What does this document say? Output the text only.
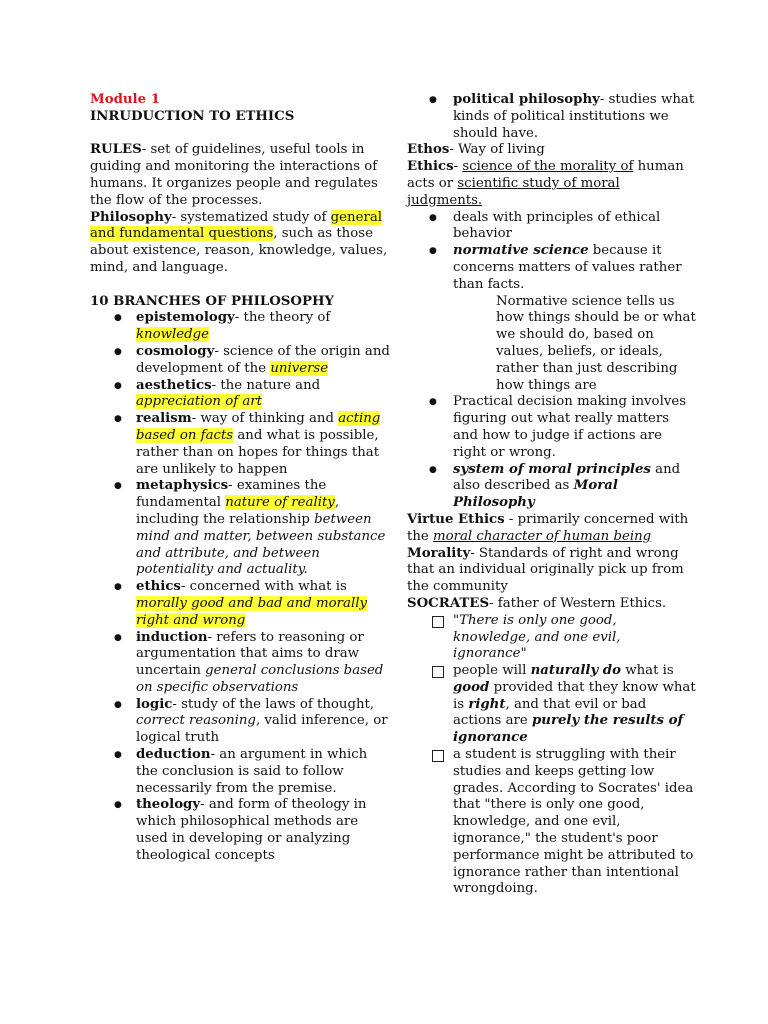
Module 1

INRUDUCTION TO ETHICS

RULES- set of guidelines, useful tools in guiding and monitoring the interactions of humans. It organizes people and regulates the flow of the processes.

Philosophy- systematized study of general and fundamental questions, such as those about existence, reason, knowledge, values, mind, and language.

10 BRANCHES OF PHILOSOPHY

● epistemology- the theory of knowledge
● cosmology- science of the origin and development of the universe
● aesthetics- the nature and appreciation of art
● realism- way of thinking and acting based on facts and what is possible, rather than on hopes for things that are unlikely to happen
● metaphysics- examines the fundamental nature of reality, including the relationship between mind and matter, between substance and attribute, and between potentiality and actuality.
● ethics- concerned with what is morally good and bad and morally right and wrong
● induction- refers to reasoning or argumentation that aims to draw uncertain general conclusions based on specific observations
● logic- study of the laws of thought, correct reasoning, valid inference, or logical truth
● deduction- an argument in which the conclusion is said to follow necessarily from the premise.
● theology- and form of theology in which philosophical methods are used in developing or analyzing theological concepts
● political philosophy- studies what kinds of political institutions we should have.

Ethos- Way of living

Ethics- science of the morality of human acts or scientific study of moral judgments.

● deals with principles of ethical behavior
● normative science because it concerns matters of values rather than facts.

Normative science tells us how things should be or what we should do, based on values, beliefs, or ideals, rather than just describing how things are

● Practical decision making involves figuring out what really matters and how to judge if actions are right or wrong.
● system of moral principles and also described as Moral Philosophy

Virtue Ethics - primarily concerned with the moral character of human being

Morality- Standards of right and wrong that an individual originally pick up from the community

SOCRATES- father of Western Ethics.

"There is only one good, knowledge, and one evil, ignorance"
people will naturally do what is good provided that they know what is right, and that evil or bad actions are purely the results of ignorance
a student is struggling with their studies and keeps getting low grades. According to Socrates' idea that "there is only one good, knowledge, and one evil, ignorance," the student's poor performance might be attributed to ignorance rather than intentional wrongdoing.
